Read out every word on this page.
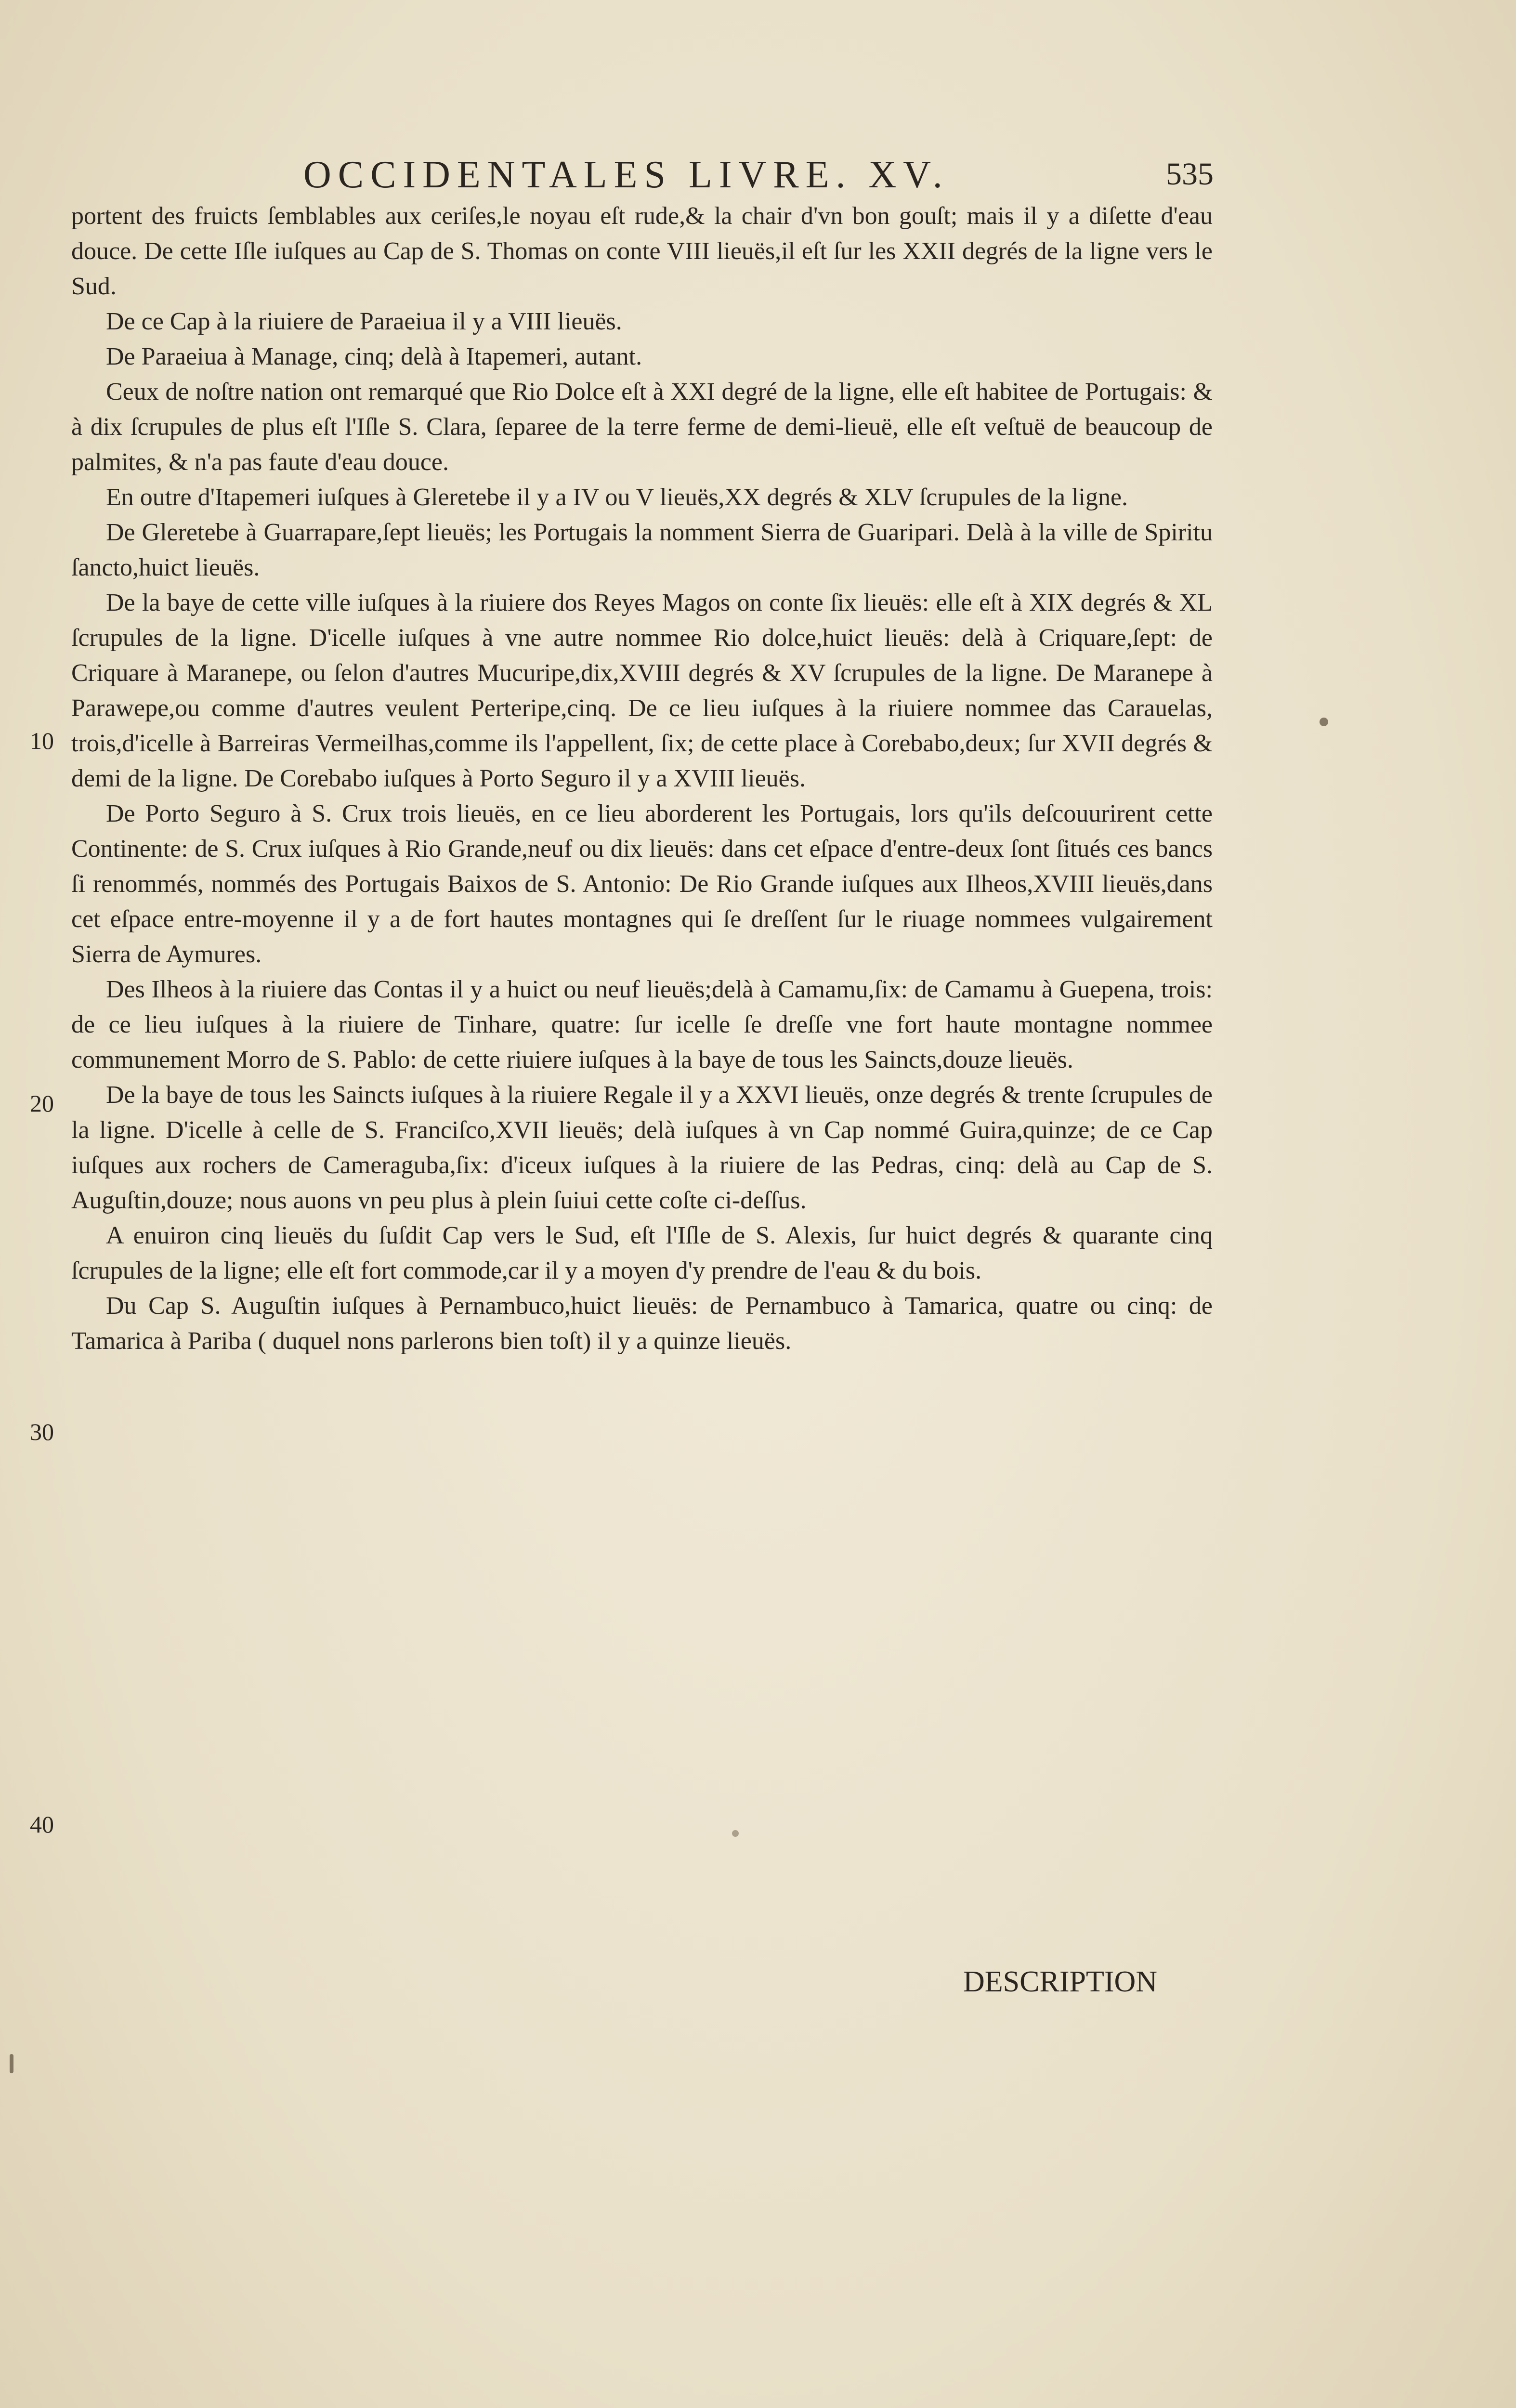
OCCIDENTALES LIVRE. XV.	535
10
20
30
40

portent des fruicts ſemblables aux ceriſes,le noyau eſt rude,& la chair d'vn bon gouſt; mais il y a diſette d'eau douce. De cette Iſle iuſques au Cap de S. Thomas on conte VIII lieuës,il eſt ſur les XXII degrés de la ligne vers le Sud.

De ce Cap à la riuiere de Paraeiua il y a VIII lieuës.

De Paraeiua à Manage, cinq; delà à Itapemeri, autant.

Ceux de noſtre nation ont remarqué que Rio Dolce eſt à XXI degré de la ligne, elle eſt habitee de Portugais: & à dix ſcrupules de plus eſt l'Iſle S. Clara, ſeparee de la terre ferme de demi-lieuë, elle eſt veſtuë de beaucoup de palmites, & n'a pas faute d'eau douce.

En outre d'Itapemeri iuſques à Gleretebe il y a IV ou V lieuës,XX degrés & XLV ſcrupules de la ligne.

De Gleretebe à Guarrapare,ſept lieuës; les Portugais la nomment Sierra de Guaripari. Delà à la ville de Spiritu ſancto,huict lieuës.

De la baye de cette ville iuſques à la riuiere dos Reyes Magos on conte ſix lieuës: elle eſt à XIX degrés & XL ſcrupules de la ligne. D'icelle iuſques à vne autre nommee Rio dolce,huict lieuës: delà à Criquare,ſept: de Criquare à Maranepe, ou ſelon d'autres Mucuripe,dix,XVIII degrés & XV ſcrupules de la ligne. De Maranepe à Parawepe,ou comme d'autres veulent Perteripe,cinq. De ce lieu iuſques à la riuiere nommee das Carauelas, trois,d'icelle à Barreiras Vermeilhas,comme ils l'appellent, ſix; de cette place à Corebabo,deux; ſur XVII degrés & demi de la ligne. De Corebabo iuſques à Porto Seguro il y a XVIII lieuës.

De Porto Seguro à S. Crux trois lieuës, en ce lieu aborderent les Portugais, lors qu'ils deſcouurirent cette Continente: de S. Crux iuſques à Rio Grande,neuf ou dix lieuës: dans cet eſpace d'entre-deux ſont ſitués ces bancs ſi renommés, nommés des Portugais Baixos de S. Antonio: De Rio Grande iuſques aux Ilheos,XVIII lieuës,dans cet eſpace entre-moyenne il y a de fort hautes montagnes qui ſe dreſſent ſur le riuage nommees vulgairement Sierra de Aymures.

Des Ilheos à la riuiere das Contas il y a huict ou neuf lieuës;delà à Camamu,ſix: de Camamu à Guepena, trois: de ce lieu iuſques à la riuiere de Tinhare, quatre: ſur icelle ſe dreſſe vne fort haute montagne nommee communement Morro de S. Pablo: de cette riuiere iuſques à la baye de tous les Saincts,douze lieuës.

De la baye de tous les Saincts iuſques à la riuiere Regale il y a XXVI lieuës, onze degrés & trente ſcrupules de la ligne. D'icelle à celle de S. Franciſco,XVII lieuës; delà iuſques à vn Cap nommé Guira,quinze; de ce Cap iuſques aux rochers de Cameraguba,ſix: d'iceux iuſques à la riuiere de las Pedras, cinq: delà au Cap de S. Auguſtin,douze; nous auons vn peu plus à plein ſuiui cette coſte ci-deſſus.

A enuiron cinq lieuës du ſuſdit Cap vers le Sud, eſt l'Iſle de S. Alexis, ſur huict degrés & quarante cinq ſcrupules de la ligne; elle eſt fort commode,car il y a moyen d'y prendre de l'eau & du bois.

Du Cap S. Auguſtin iuſques à Pernambuco,huict lieuës: de Pernambuco à Tamarica, quatre ou cinq: de Tamarica à Pariba ( duquel nons parlerons bien toſt) il y a quinze lieuës.

DESCRIPTION
